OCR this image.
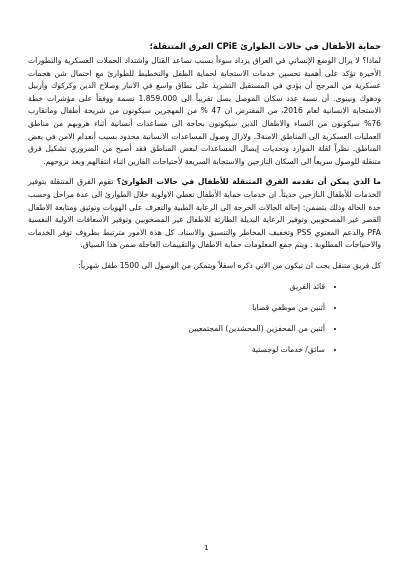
حماية الأطفال في حالات الطوارئ CPiE الفرق المتنقلة؛

لماذا؟ لا يزال الوضع الإنساني في العراق يزداد سوءاً بسبب تصاعد القتال واشتداد الحملات العسكرية والتطورات الأخيرة تؤكد على أهمية تحسين خدمات الاستجابة لحماية الطفل والتخطيط للطوارئ مع احتمال شن هجمات عسكرية من المرجح أن يؤدي في المستقبل التشريد على نطاق واسع في الانبار وصلاح الدين وكركوك وأربيل ودهوك ونينوى. أن نسبة عدد سكان الموصل يصل تقريباً الى 1.859.000 نسمة ووفقاً على مؤشرات خطة الاستجابة الانسانية لعام 2016، من المفترض ان 47 % من المهجرين سيكونون من شريحة أطفال وماتقارب 76% سيكونون من النساء والاطفال الذين سيكونون بحاجة الى مساعدات أنسانية أثناء هروبهم من مناطق العمليات العسكرية الى المناطق الامنة3. ولازال وصول المساعدات الانسانية محدود بسبب أنعدام الامن في بعض المناطق. نظراً لقلة الموارد وتحديات إيصال المساعدات لبعض المناطق فقد أصبح من الضروري تشكيل فرق متنقلة للوصول سريعاً الى السكان النازحين والاستجابة السريعة لأحتياجات الفارين اثناء انتقالهم وبعد نزوحهم.

ما الذي يمكن أن تقدمه الفرق المتنقلة للأطفال في حالات الطوارئ؟ تقوم الفرق المتنقلة بتوفير الخدمات للأطفال النازحين حديثاً. ان خدمات حماية الأطفال تعطي الاولوية خلال الطوارئ الى عدة مراحل وحسب حدة الحالة وذلك يتضمن: إحالة الحالات الحرجة الى الرعاية الطبية والتعرف على الهويات وتوثيق ومتابعة الاطفال القصر غير المصحوبين وتوفير الرعاية البديلة الطارئة للاطفال غير المصحوبين وتوفير الأسعافات الاولية النفسية PFA والدعم المعنوي PSS وتخفيف المخاطر والتنسيق والاسناد. كل هذة الامور مترتبط بظروف توفر الخدمات والاحتياجات المطلوبة . ويتم جمع المعلومات حماية الاطفال والتقييمات العاجلة ضمن هذا السياق.

كل فريق متنقل يجب ان تيكون من الاتي ذكره اسفلاً ويتمكن من الوصول الى 1500 طفل شهرياً:

• قائد الفريق
• أثنين من موظفي قضايا
• أثنين من المحفزين (المحشدين) المجتمعيين
• سائق/ خدمات لوجستية
1
